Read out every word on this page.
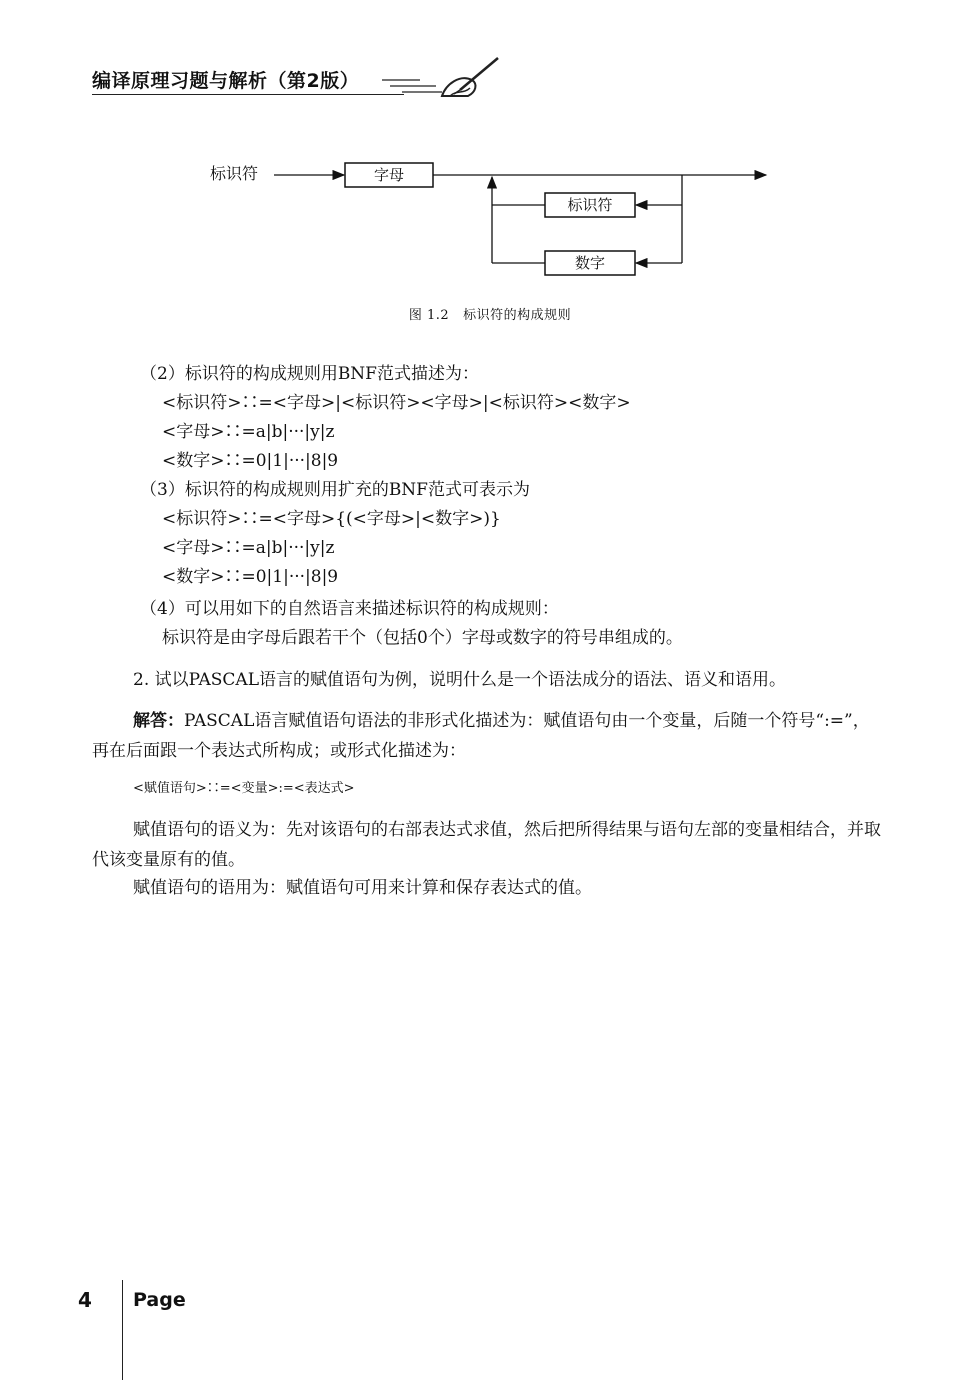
编译原理习题与解析（第2版）
标识符	字母
标识符
数字
图 1.2 标识符的构成规则
（2）标识符的构成规则用BNF范式描述为：
<标识符>∷=<字母>|<标识符><字母>|<标识符><数字>
<字母>∷=a|b|···|y|z
<数字>∷=0|1|···|8|9
（3）标识符的构成规则用扩充的BNF范式可表示为
<标识符>∷=<字母>{(<字母>|<数字>)}
<字母>∷=a|b|···|y|z
<数字>∷=0|1|···|8|9
（4）可以用如下的自然语言来描述标识符的构成规则：
标识符是由字母后跟若干个（包括0个）字母或数字的符号串组成的。
2. 试以PASCAL语言的赋值语句为例，说明什么是一个语法成分的语法、语义和语用。
解答：PASCAL语言赋值语句语法的非形式化描述为：赋值语句由一个变量，后随一个符号“:=”，再在后面跟一个表达式所构成；或形式化描述为：
<赋值语句>∷=<变量>:=<表达式>
赋值语句的语义为：先对该语句的右部表达式求值，然后把所得结果与语句左部的变量相结合，并取代该变量原有的值。
赋值语句的语用为：赋值语句可用来计算和保存表达式的值。
4 Page
